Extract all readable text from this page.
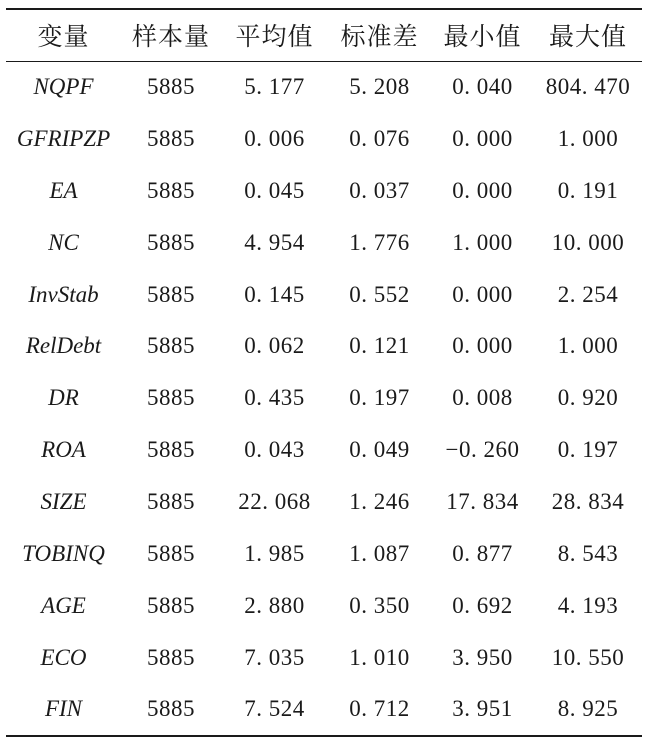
变量	样本量	平均值	标准差	最小值	最大值
NQPF	5885	5. 177	5. 208	0. 040	804. 470
GFRIPZP	5885	0. 006	0. 076	0. 000	1. 000
EA	5885	0. 045	0. 037	0. 000	0. 191
NC	5885	4. 954	1. 776	1. 000	10. 000
InvStab	5885	0. 145	0. 552	0. 000	2. 254
RelDebt	5885	0. 062	0. 121	0. 000	1. 000
DR	5885	0. 435	0. 197	0. 008	0. 920
ROA	5885	0. 043	0. 049	−0. 260	0. 197
SIZE	5885	22. 068	1. 246	17. 834	28. 834
TOBINQ	5885	1. 985	1. 087	0. 877	8. 543
AGE	5885	2. 880	0. 350	0. 692	4. 193
ECO	5885	7. 035	1. 010	3. 950	10. 550
FIN	5885	7. 524	0. 712	3. 951	8. 925
